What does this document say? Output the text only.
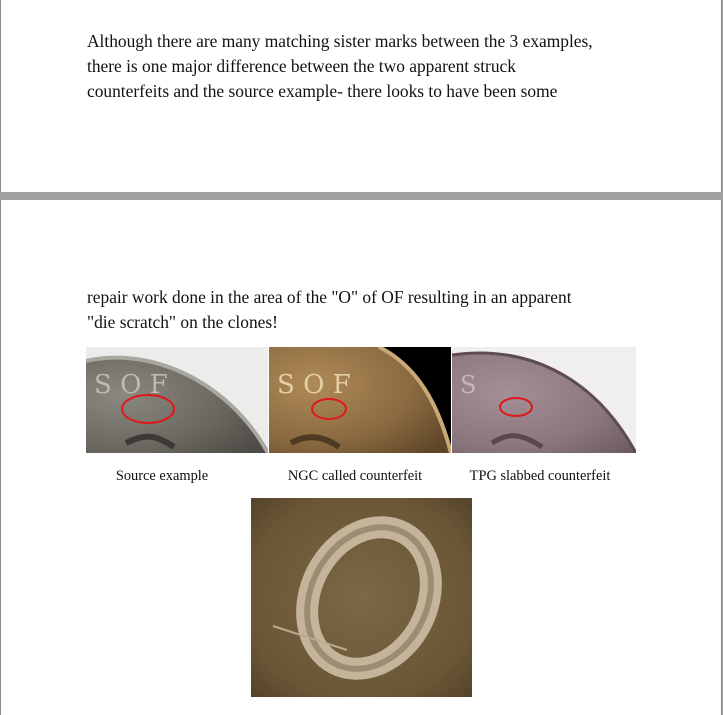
Although there are many matching sister marks between the 3 examples,
there is one major difference between the two apparent struck
counterfeits and the source example- there looks to have been some

repair work done in the area of the "O" of OF resulting in an apparent
"die scratch" on the clones!

S O F	S O F	S
Source example	NGC called counterfeit	TPG slabbed counterfeit
O
